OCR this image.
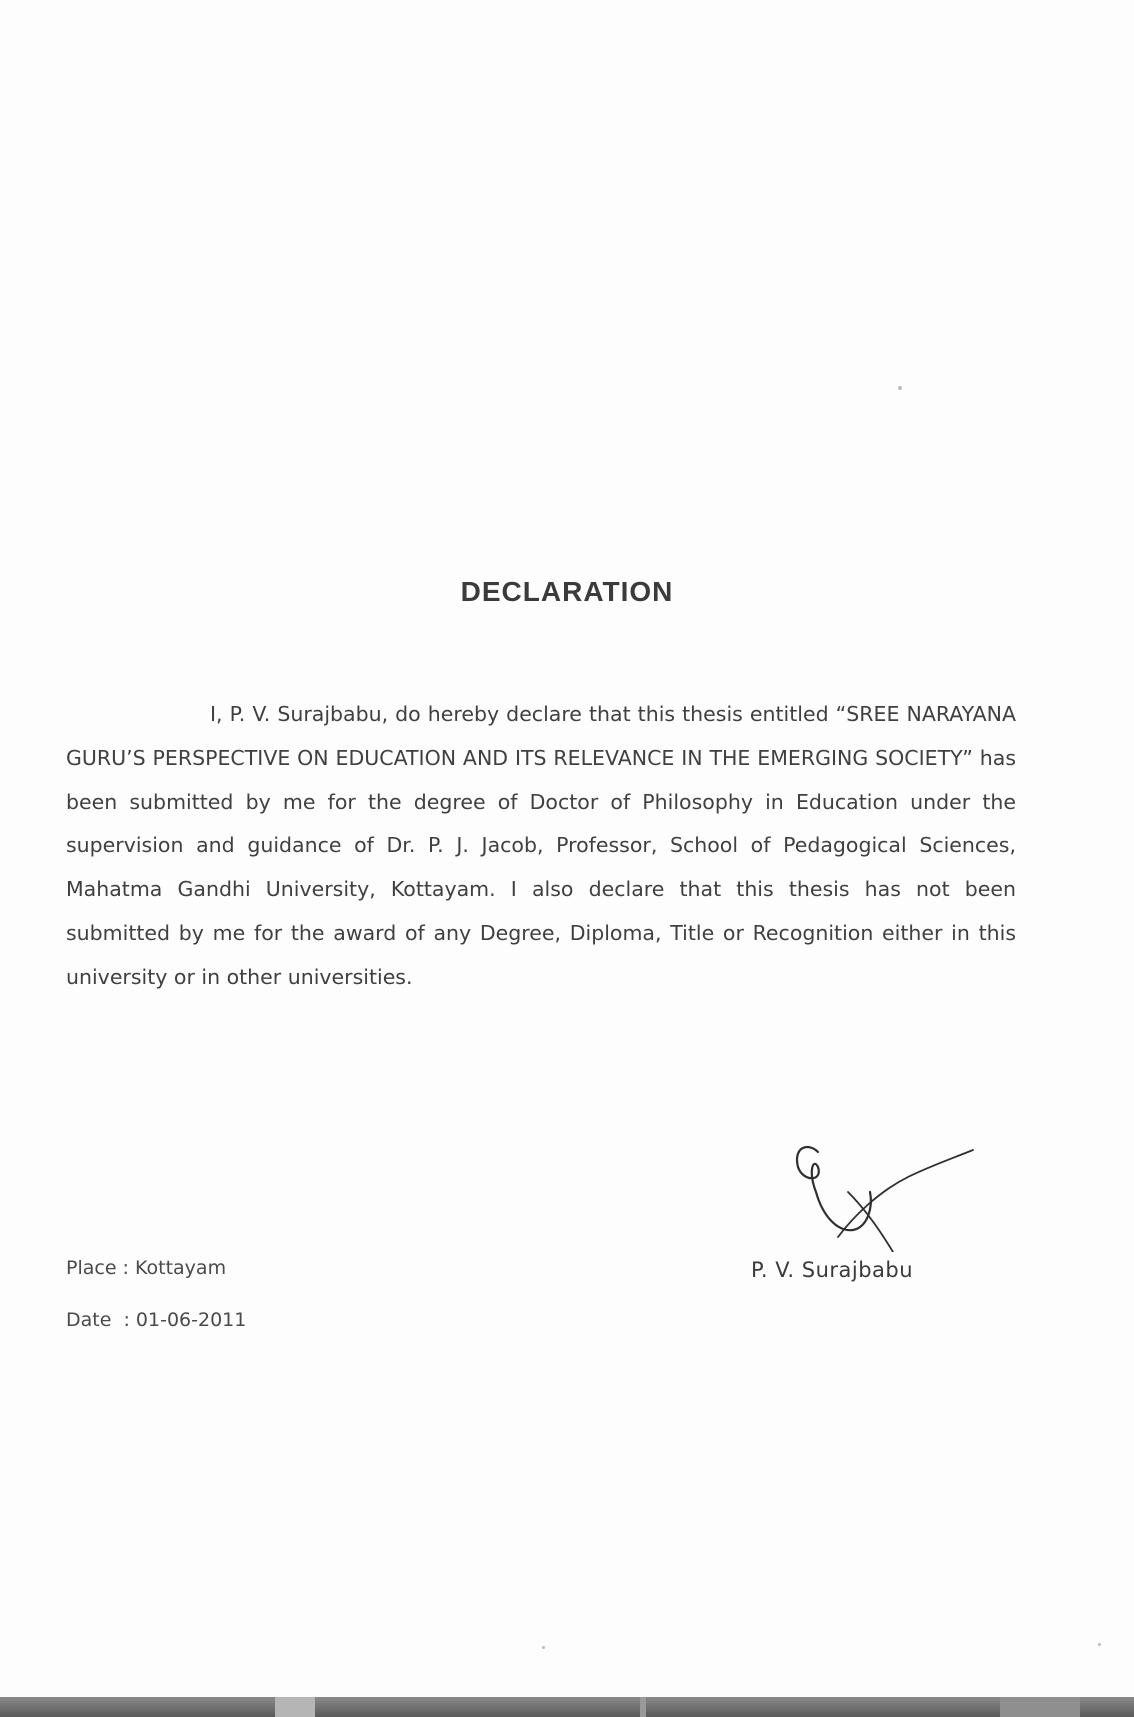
DECLARATION

I, P. V. Surajbabu, do hereby declare that this thesis entitled “SREE NARAYANA GURU’S PERSPECTIVE ON EDUCATION AND ITS RELEVANCE IN THE EMERGING SOCIETY” has been submitted by me for the degree of Doctor of Philosophy in Education under the supervision and guidance of Dr. P. J. Jacob, Professor, School of Pedagogical Sciences, Mahatma Gandhi University, Kottayam. I also declare that this thesis has not been submitted by me for the award of any Degree, Diploma, Title or Recognition either in this university or in other universities.

P. V. Surajbabu
Place : Kottayam
Date  : 01-06-2011
